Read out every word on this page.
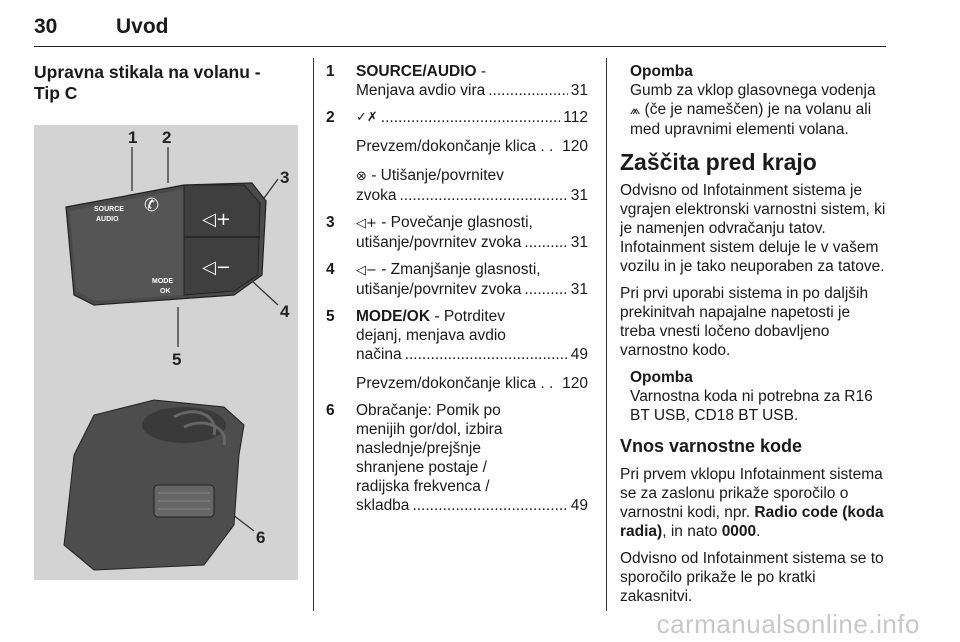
30	Uvod

Upravna stikala na volanu -
Tip C

1 2
3
4
5
6
SOURCE
AUDIO
✆
◁+
◁−
MODE
OK
1 SOURCE/AUDIO -

Menjava avdio vira .....	31

2 ✓✗ .....	112

Prevzem/dokončanje klica . . 120

⊗ - Utišanje/povrnitev

zvoka .....	31

3 ◁+ - Povečanje glasnosti,

utišanje/povrnitev zvoka .....	31

4 ◁− - Zmanjšanje glasnosti,

utišanje/povrnitev zvoka .....	31

5 MODE/OK - Potrditev

dejanj, menjava avdio

načina .....	49

Prevzem/dokončanje klica . . 120

6 Obračanje: Pomik po

menijih gor/dol, izbira

naslednje/prejšnje

shranjene postaje /

radijska frekvenca /

skladba .....	49

Opomba
Gumb za vklop glasovnega vodenja
⩕ (če je nameščen) je na volanu ali
med upravnimi elementi volana.
Zaščita pred krajo

Odvisno od Infotainment sistema je vgrajen elektronski varnostni sistem, ki je namenjen odvračanju tatov. Infotainment sistem deluje le v vašem vozilu in je tako neuporaben za tatove.

Pri prvi uporabi sistema in po daljših prekinitvah napajalne napetosti je treba vnesti ločeno dobavljeno varnostno kodo.

Opomba
Varnostna koda ni potrebna za R16 BT USB, CD18 BT USB.
Vnos varnostne kode

Pri prvem vklopu Infotainment sistema se za zaslonu prikaže sporočilo o varnostni kodi, npr. Radio code (koda radia), in nato 0000.

Odvisno od Infotainment sistema se to sporočilo prikaže le po kratki zakasnitvi.

carmanualsonline.info
